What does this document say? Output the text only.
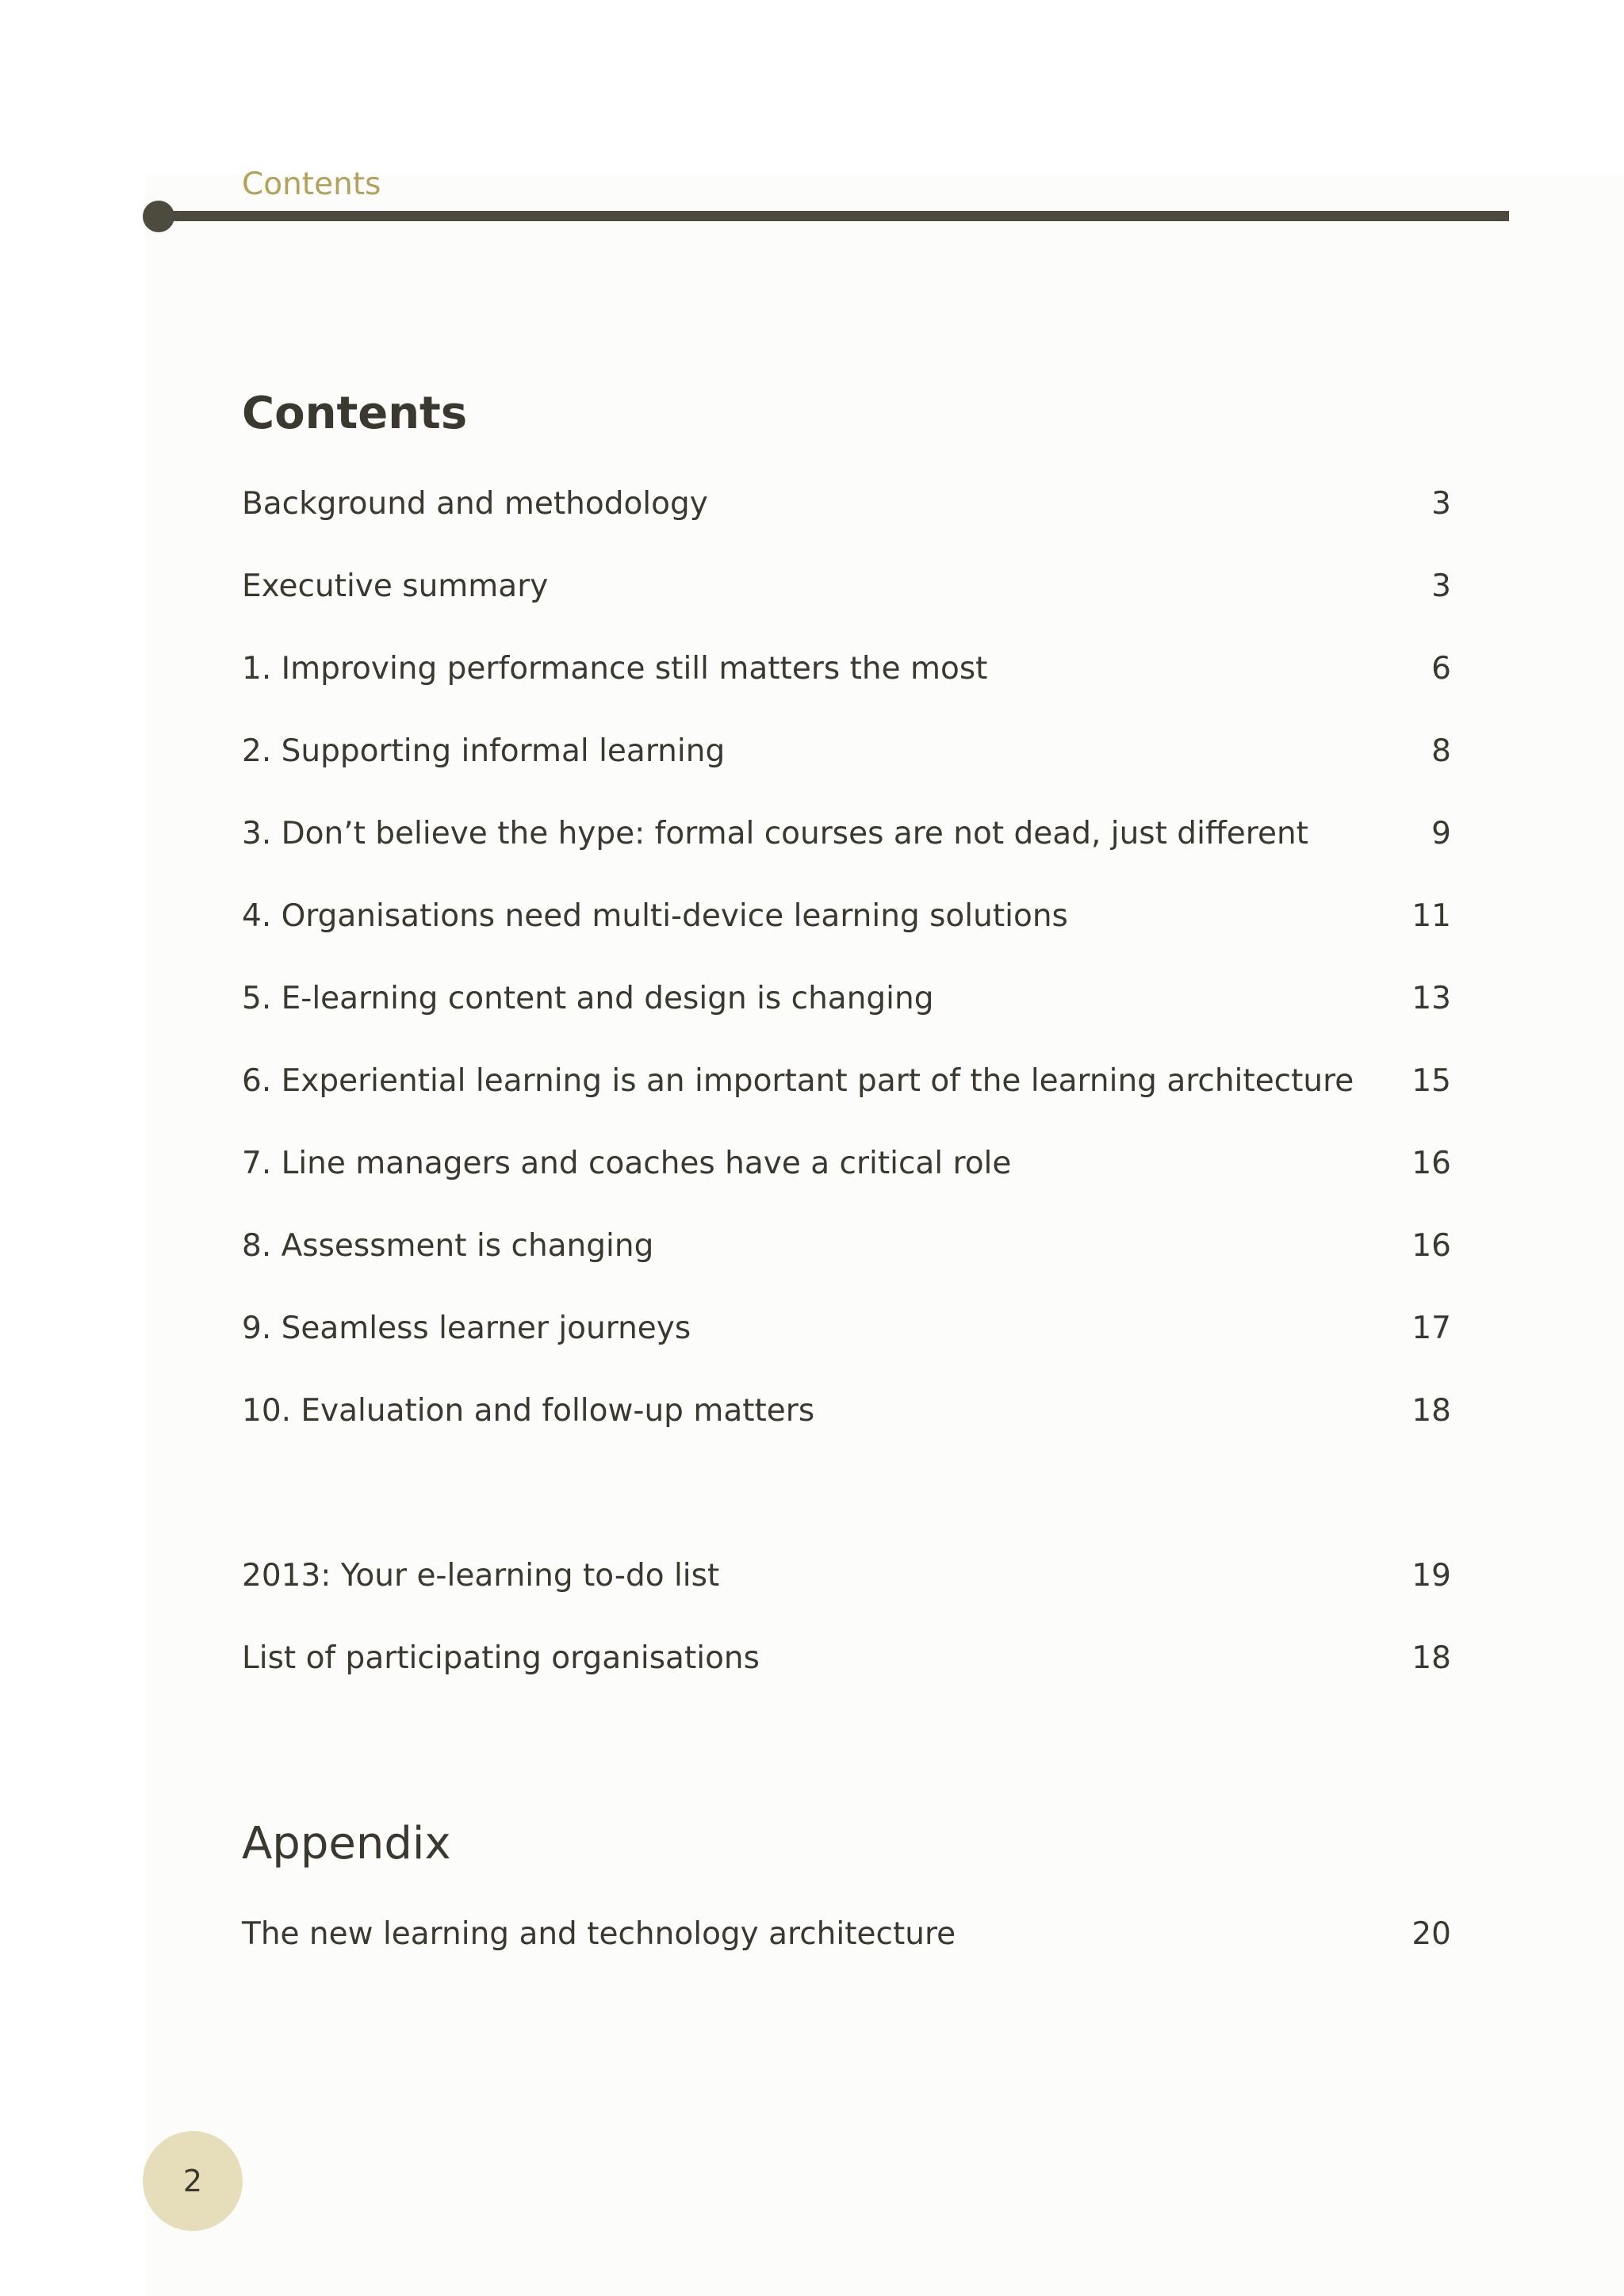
Contents
Contents
Background and methodology	3
Executive summary	3
1. Improving performance still matters the most	6
2. Supporting informal learning	8
3. Don’t believe the hype: formal courses are not dead, just different	9
4. Organisations need multi-device learning solutions	11
5. E-learning content and design is changing	13
6. Experiential learning is an important part of the learning architecture	15
7. Line managers and coaches have a critical role	16
8. Assessment is changing	16
9. Seamless learner journeys	17
10. Evaluation and follow-up matters	18
2013: Your e-learning to-do list	19
List of participating organisations	18
Appendix
The new learning and technology architecture	20
2
